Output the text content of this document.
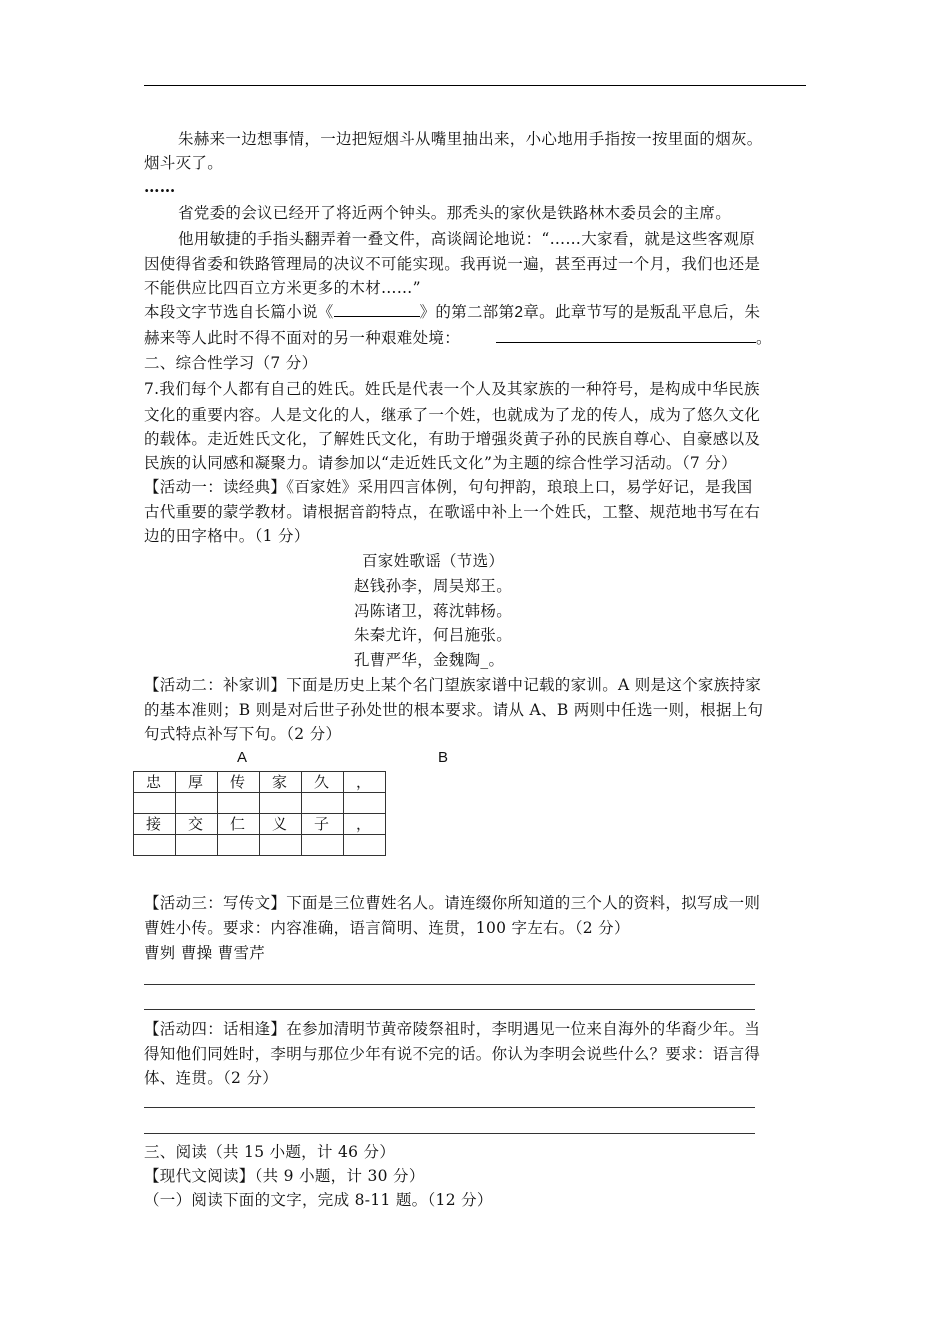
朱赫来一边想事情，一边把短烟斗从嘴里抽出来，小心地用手指按一按里面的烟灰。
烟斗灭了。
……
省党委的会议已经开了将近两个钟头。那秃头的家伙是铁路林木委员会的主席。
他用敏捷的手指头翻弄着一叠文件，高谈阔论地说：“……大家看，就是这些客观原
因使得省委和铁路管理局的决议不可能实现。我再说一遍，甚至再过一个月，我们也还是
不能供应比四百立方米更多的木材……”
本段文字节选自长篇小说《	》的第二部第2章。此章节写的是叛乱平息后，朱
赫来等人此时不得不面对的另一种艰难处境：	。
二、综合性学习（7 分）
7.我们每个人都有自己的姓氏。姓氏是代表一个人及其家族的一种符号，是构成中华民族
文化的重要内容。人是文化的人，继承了一个姓，也就成为了龙的传人，成为了悠久文化
的载体。走近姓氏文化，了解姓氏文化，有助于增强炎黄子孙的民族自尊心、自豪感以及
民族的认同感和凝聚力。请参加以“走近姓氏文化”为主题的综合性学习活动。（7 分）
【活动一：读经典】《百家姓》采用四言体例，句句押韵，琅琅上口，易学好记，是我国
古代重要的蒙学教材。请根据音韵特点，在歌谣中补上一个姓氏，工整、规范地书写在右
边的田字格中。（1 分）
百家姓歌谣（节选）
赵钱孙李，周吴郑王。
冯陈诸卫，蒋沈韩杨。
朱秦尤许，何吕施张。
孔曹严华，金魏陶_。
【活动二：补家训】下面是历史上某个名门望族家谱中记载的家训。A 则是这个家族持家
的基本准则；B 则是对后世子孙处世的根本要求。请从 A、B 两则中任选一则，根据上句
句式特点补写下句。（2 分）
A	B
忠	厚	传	家	久	，

接	交	仁	义	子	，

【活动三：写传文】下面是三位曹姓名人。请连缀你所知道的三个人的资料，拟写成一则
曹姓小传。要求：内容准确，语言简明、连贯，100 字左右。（2 分）
曹刿 曹操 曹雪芹
【活动四：话相逢】在参加清明节黄帝陵祭祖时，李明遇见一位来自海外的华裔少年。当
得知他们同姓时，李明与那位少年有说不完的话。你认为李明会说些什么？要求：语言得
体、连贯。（2 分）
三、阅读（共 15 小题，计 46 分）
【现代文阅读】（共 9 小题，计 30 分）
（一）阅读下面的文字，完成 8-11 题。（12 分）
